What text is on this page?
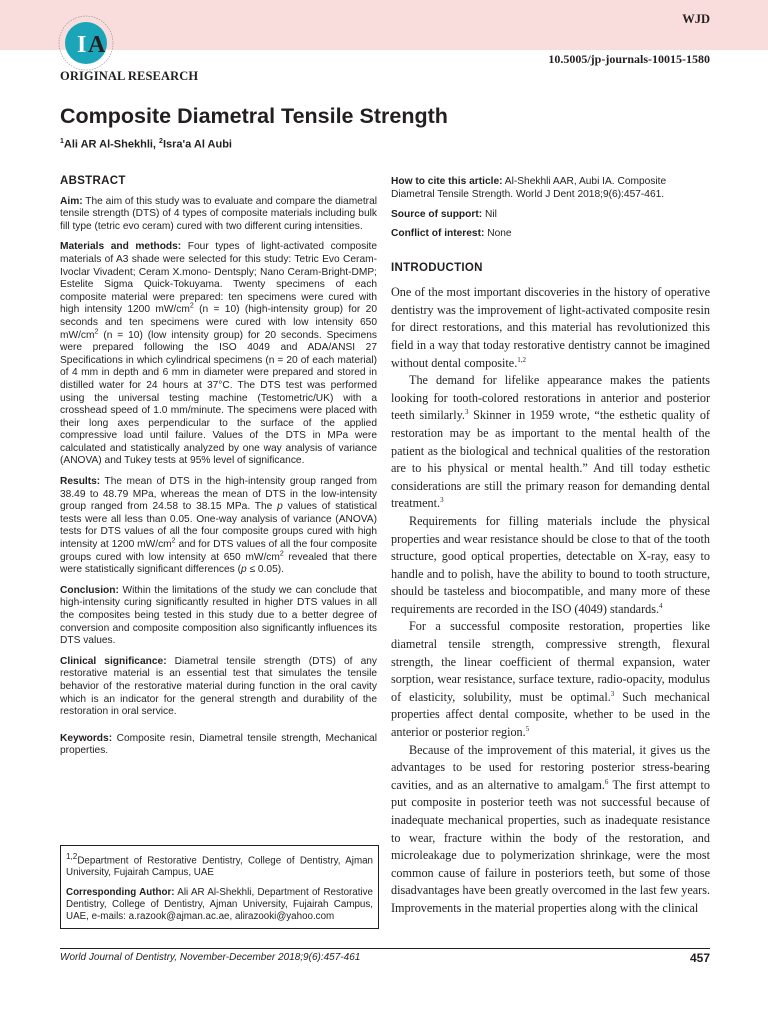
I A
WJD
10.5005/jp-journals-10015-1580
ORIGINAL RESEARCH
Composite Diametral Tensile Strength
$^1$Ali AR Al-Shekhli, $^2$Isra'a Al Aubi
ABSTRACT

Aim: The aim of this study was to evaluate and compare the diametral tensile strength (DTS) of 4 types of composite materials including bulk fill type (tetric evo ceram) cured with two different curing intensities.

Materials and methods: Four types of light-activated composite materials of A3 shade were selected for this study: Tetric Evo Ceram-Ivoclar Vivadent; Ceram X.mono- Dentsply; Nano Ceram-Bright-DMP; Estelite Sigma Quick-Tokuyama. Twenty specimens of each composite material were prepared: ten specimens were cured with high intensity 1200 $mW/cm^2$ (n = 10) (high-intensity group) for 20 seconds and ten specimens were cured with low intensity 650 $mW/cm^2$ (n = 10) (low intensity group) for 20 seconds. Specimens were prepared following the ISO 4049 and ADA/ANSI 27 Specifications in which cylindrical specimens (n = 20 of each material) of 4 mm in depth and 6 mm in diameter were prepared and stored in distilled water for 24 hours at 37°C. The DTS test was performed using the universal testing machine (Testometric/UK) with a crosshead speed of 1.0 mm/minute. The specimens were placed with their long axes perpendicular to the surface of the applied compressive load until failure. Values of the DTS in MPa were calculated and statistically analyzed by one way analysis of variance (ANOVA) and Tukey tests at 95% level of significance.

Results: The mean of DTS in the high-intensity group ranged from 38.49 to 48.79 MPa, whereas the mean of DTS in the low-intensity group ranged from 24.58 to 38.15 MPa. The p values of statistical tests were all less than 0.05. One-way analysis of variance (ANOVA) tests for DTS values of all the four composite groups cured with high intensity at 1200 $mW/cm^2$ and for DTS values of all the four composite groups cured with low intensity at 650 $mW/cm^2$ revealed that there were statistically significant differences (p ≤ 0.05).

Conclusion: Within the limitations of the study we can conclude that high-intensity curing significantly resulted in higher DTS values in all the composites being tested in this study due to a better degree of conversion and composite composition also significantly influences its DTS values.

Clinical significance: Diametral tensile strength (DTS) of any restorative material is an essential test that simulates the tensile behavior of the restorative material during function in the oral cavity which is an indicator for the general strength and durability of the restoration in oral service.

Keywords: Composite resin, Diametral tensile strength, Mechanical properties.

$^{1,2}$Department of Restorative Dentistry, College of Dentistry, Ajman University, Fujairah Campus, UAE

Corresponding Author: Ali AR Al-Shekhli, Department of Restorative Dentistry, College of Dentistry, Ajman University, Fujairah Campus, UAE, e-mails: a.razook@ajman.ac.ae, alirazooki@yahoo.com

How to cite this article: Al-Shekhli AAR, Aubi IA. Composite Diametral Tensile Strength. World J Dent 2018;9(6):457-461.
Source of support: Nil
Conflict of interest: None
INTRODUCTION

One of the most important discoveries in the history of operative dentistry was the improvement of light-activated composite resin for direct restorations, and this material has revolutionized this field in a way that today restorative dentistry cannot be imagined without dental composite.$^{1,2}$

The demand for lifelike appearance makes the patients looking for tooth-colored restorations in anterior and posterior teeth similarly.$^3$ Skinner in 1959 wrote, “the esthetic quality of restoration may be as important to the mental health of the patient as the biological and technical qualities of the restoration are to his physical or mental health.” And till today esthetic considerations are still the primary reason for demanding dental treatment.$^3$

Requirements for filling materials include the physical properties and wear resistance should be close to that of the tooth structure, good optical properties, detectable on X-ray, easy to handle and to polish, have the ability to bound to tooth structure, should be tasteless and biocompatible, and many more of these requirements are recorded in the ISO (4049) standards.$^4$

For a successful composite restoration, properties like diametral tensile strength, compressive strength, flexural strength, the linear coefficient of thermal expansion, water sorption, wear resistance, surface texture, radio-opacity, modulus of elasticity, solubility, must be optimal.$^3$ Such mechanical properties affect dental composite, whether to be used in the anterior or posterior region.$^5$

Because of the improvement of this material, it gives us the advantages to be used for restoring posterior stress-bearing cavities, and as an alternative to amalgam.$^6$ The first attempt to put composite in posterior teeth was not successful because of inadequate mechanical properties, such as inadequate resistance to wear, fracture within the body of the restoration, and microleakage due to polymerization shrinkage, were the most common cause of failure in posteriors teeth, but some of those disadvantages have been greatly overcomed in the last few years. Improvements in the material properties along with the clinical

World Journal of Dentistry, November-December 2018;9(6):457-461	457
